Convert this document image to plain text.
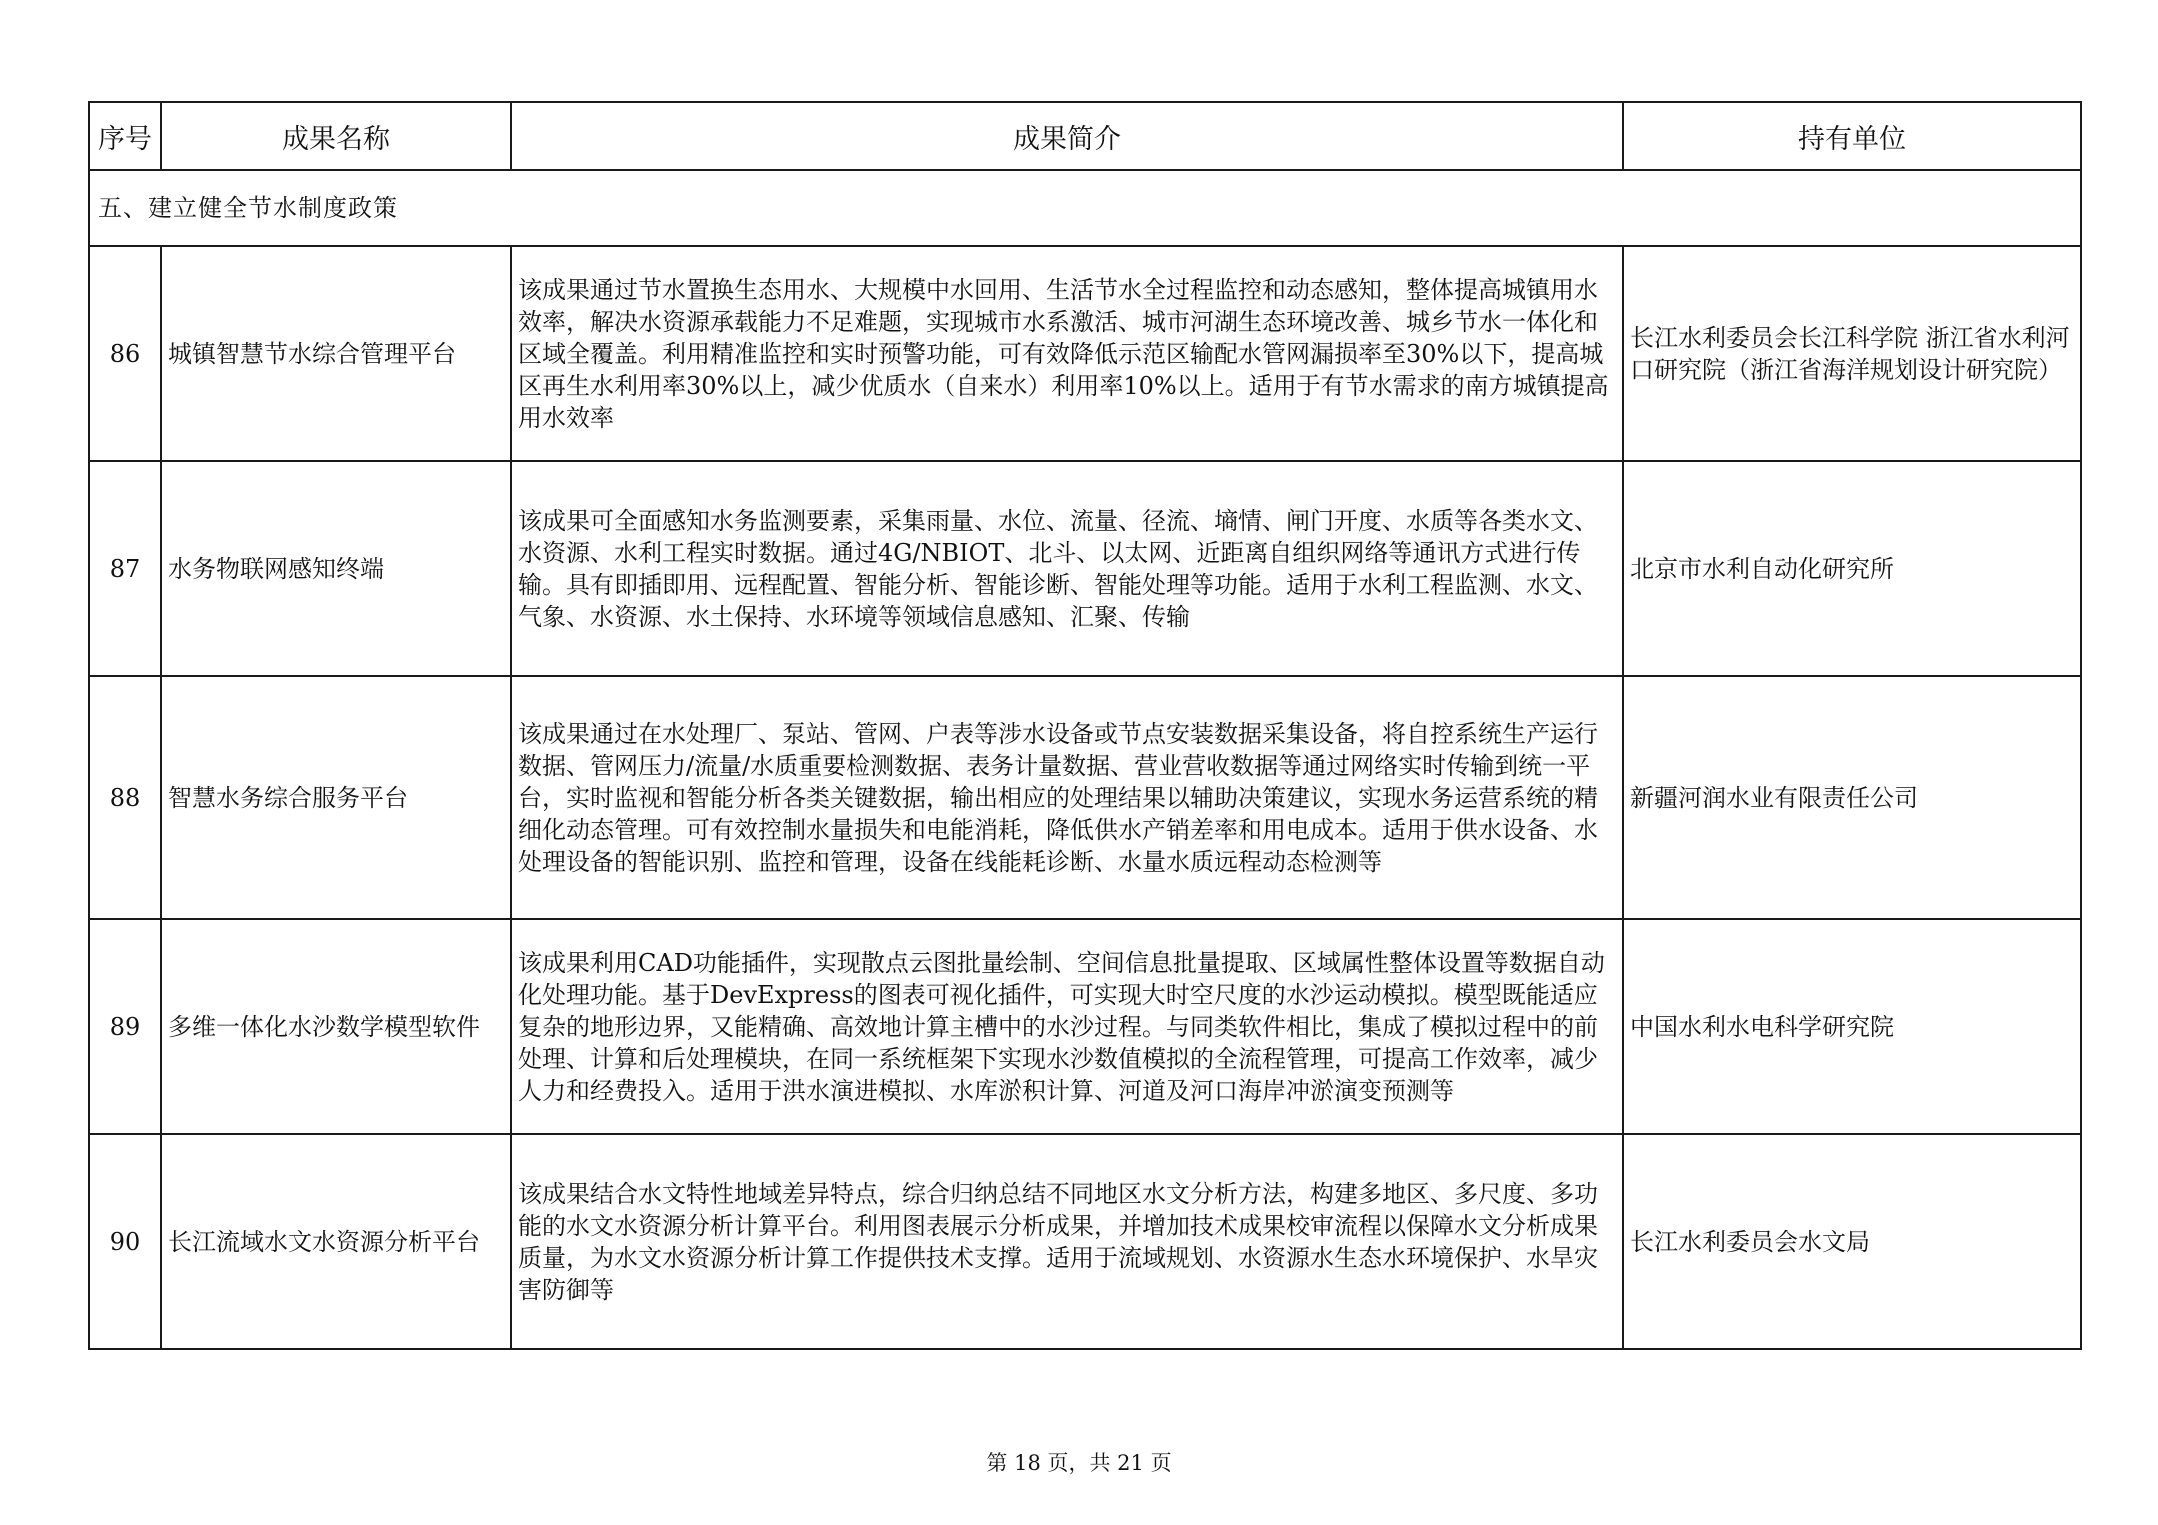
序号	成果名称	成果简介	持有单位
五、建立健全节水制度政策			
86	城镇智慧节水综合管理平台	该成果通过节水置换生态用水、大规模中水回用、生活节水全过程监控和动态感知，整体提高城镇用水效率，解决水资源承载能力不足难题，实现城市水系激活、城市河湖生态环境改善、城乡节水一体化和区域全覆盖。利用精准监控和实时预警功能，可有效降低示范区输配水管网漏损率至30%以下，提高城区再生水利用率30%以上，减少优质水（自来水）利用率10%以上。适用于有节水需求的南方城镇提高用水效率	长江水利委员会长江科学院 浙江省水利河口研究院（浙江省海洋规划设计研究院）
87	水务物联网感知终端	该成果可全面感知水务监测要素，采集雨量、水位、流量、径流、墒情、闸门开度、水质等各类水文、水资源、水利工程实时数据。通过4G/NBIOT、北斗、以太网、近距离自组织网络等通讯方式进行传输。具有即插即用、远程配置、智能分析、智能诊断、智能处理等功能。适用于水利工程监测、水文、气象、水资源、水土保持、水环境等领域信息感知、汇聚、传输	北京市水利自动化研究所
88	智慧水务综合服务平台	该成果通过在水处理厂、泵站、管网、户表等涉水设备或节点安装数据采集设备，将自控系统生产运行数据、管网压力/流量/水质重要检测数据、表务计量数据、营业营收数据等通过网络实时传输到统一平台，实时监视和智能分析各类关键数据，输出相应的处理结果以辅助决策建议，实现水务运营系统的精细化动态管理。可有效控制水量损失和电能消耗，降低供水产销差率和用电成本。适用于供水设备、水处理设备的智能识别、监控和管理，设备在线能耗诊断、水量水质远程动态检测等	新疆河润水业有限责任公司
89	多维一体化水沙数学模型软件	该成果利用CAD功能插件，实现散点云图批量绘制、空间信息批量提取、区域属性整体设置等数据自动化处理功能。基于DevExpress的图表可视化插件，可实现大时空尺度的水沙运动模拟。模型既能适应复杂的地形边界，又能精确、高效地计算主槽中的水沙过程。与同类软件相比，集成了模拟过程中的前处理、计算和后处理模块，在同一系统框架下实现水沙数值模拟的全流程管理，可提高工作效率，减少人力和经费投入。适用于洪水演进模拟、水库淤积计算、河道及河口海岸冲淤演变预测等	中国水利水电科学研究院
90	长江流域水文水资源分析平台	该成果结合水文特性地域差异特点，综合归纳总结不同地区水文分析方法，构建多地区、多尺度、多功能的水文水资源分析计算平台。利用图表展示分析成果，并增加技术成果校审流程以保障水文分析成果质量，为水文水资源分析计算工作提供技术支撑。适用于流域规划、水资源水生态水环境保护、水旱灾害防御等	长江水利委员会水文局
第 18 页，共 21 页
